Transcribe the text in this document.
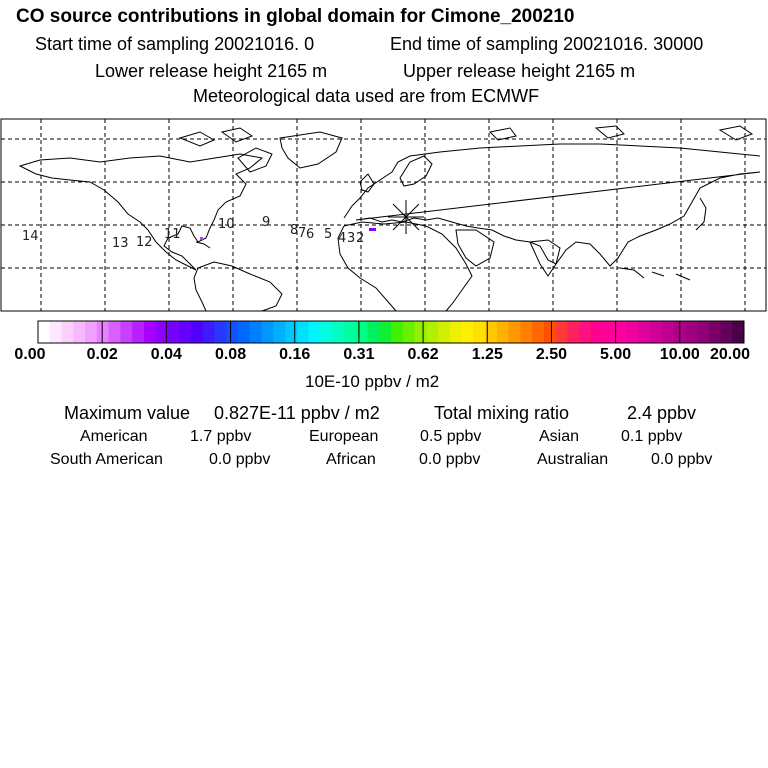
CO source contributions in global domain for Cimone_200210
Start time of sampling 20021016. 0	End time of sampling 20021016. 30000
Lower release height 2165 m	Upper release height 2165 m
Meteorological data used are from ECMWF
14	13 12
11
10 9
8 7 6 5 4 3 2
0.00	0.02 0.04 0.08 0.16 0.31 0.62 1.25 2.50 5.00 10.00 20.00
10E-10 ppbv / m2
Maximum value 0.827E-11 ppbv / m2	Total mixing ratio	2.4 ppbv
American	1.7 ppbv	European	0.5 ppbv	Asian	0.1 ppbv
South American	0.0 ppbv	African	0.0 ppbv	Australian	0.0 ppbv
